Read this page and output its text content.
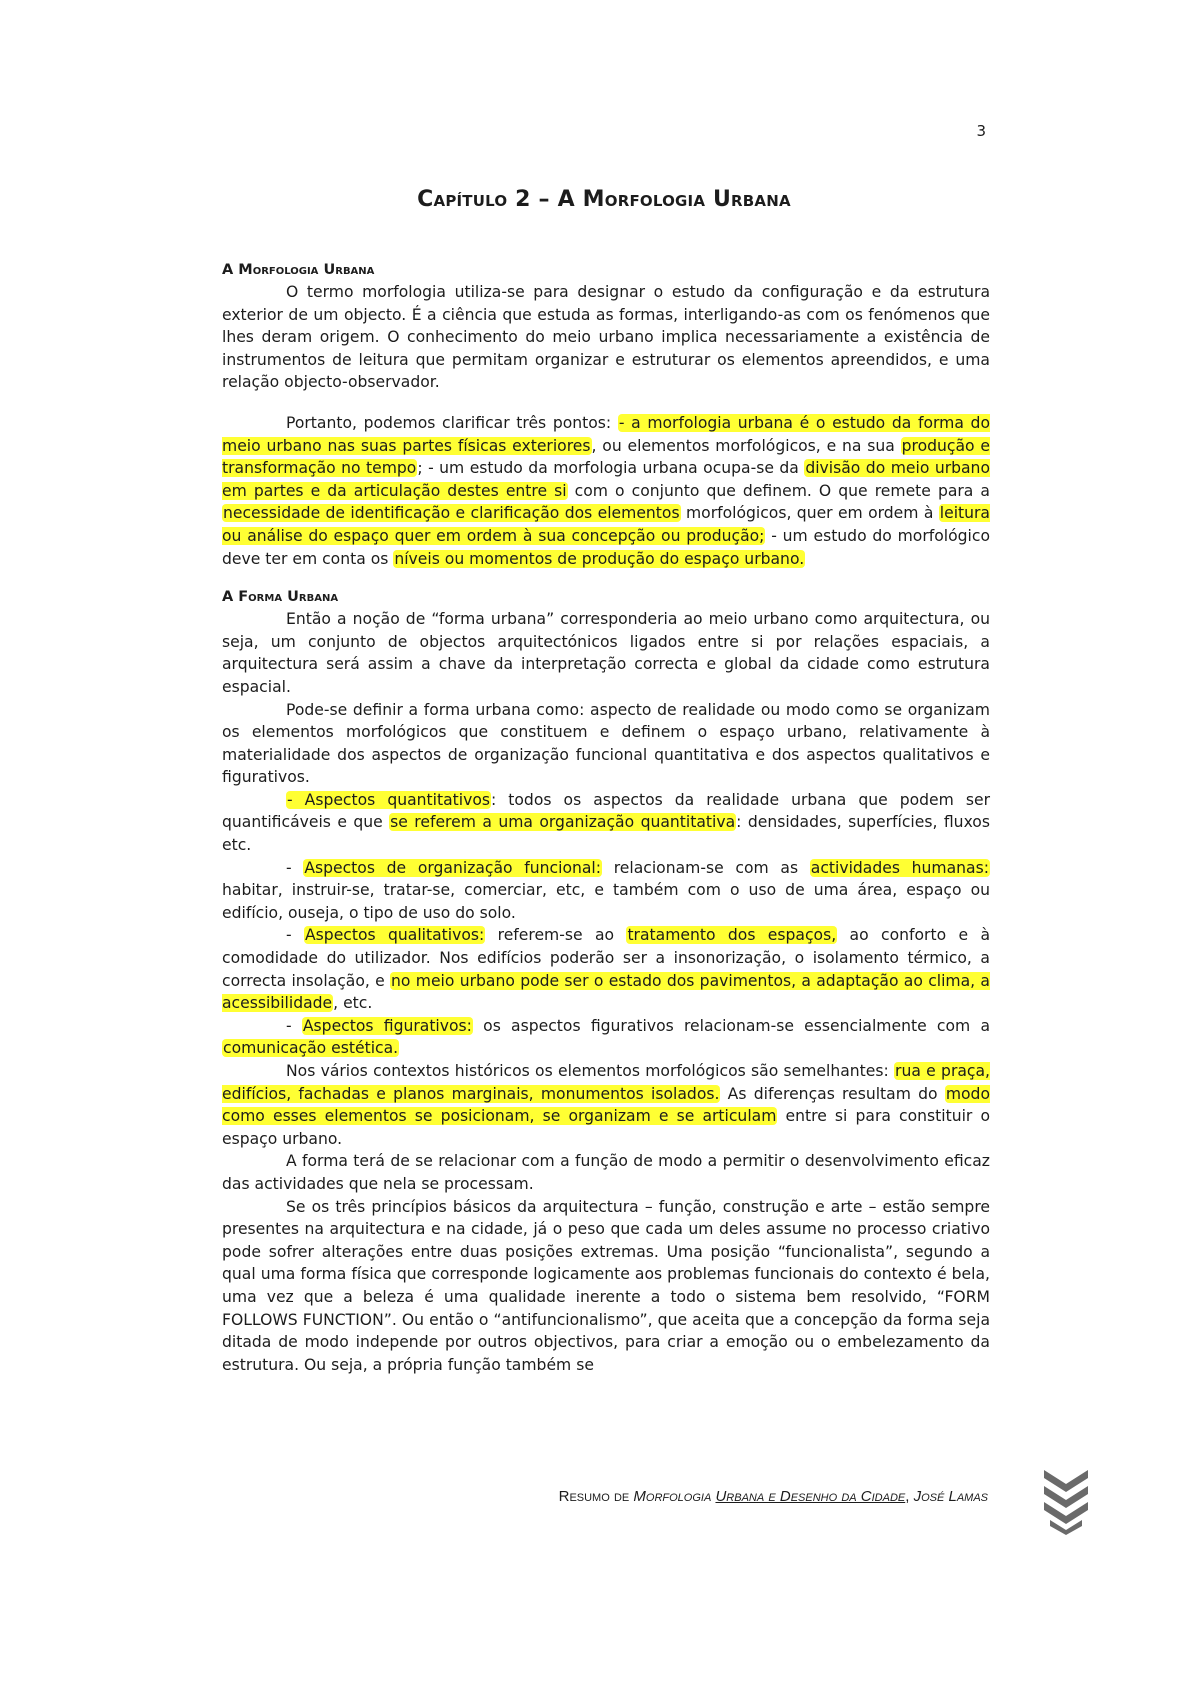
3
Capítulo 2 – A Morfologia Urbana
A Morfologia Urbana

O termo morfologia utiliza-se para designar o estudo da configuração e da estrutura exterior de um objecto. É a ciência que estuda as formas, interligando-as com os fenómenos que lhes deram origem. O conhecimento do meio urbano implica necessariamente a existência de instrumentos de leitura que permitam organizar e estruturar os elementos apreendidos, e uma relação objecto-observador.

Portanto, podemos clarificar três pontos: - a morfologia urbana é o estudo da forma do meio urbano nas suas partes físicas exteriores, ou elementos morfológicos, e na sua produção e transformação no tempo; - um estudo da morfologia urbana ocupa-se da divisão do meio urbano em partes e da articulação destes entre si com o conjunto que definem. O que remete para a necessidade de identificação e clarificação dos elementos morfológicos, quer em ordem à leitura ou análise do espaço quer em ordem à sua concepção ou produção; - um estudo do morfológico deve ter em conta os níveis ou momentos de produção do espaço urbano.

A Forma Urbana

Então a noção de “forma urbana” corresponderia ao meio urbano como arquitectura, ou seja, um conjunto de objectos arquitectónicos ligados entre si por relações espaciais, a arquitectura será assim a chave da interpretação correcta e global da cidade como estrutura espacial.

Pode-se definir a forma urbana como: aspecto de realidade ou modo como se organizam os elementos morfológicos que constituem e definem o espaço urbano, relativamente à materialidade dos aspectos de organização funcional quantitativa e dos aspectos qualitativos e figurativos.

- Aspectos quantitativos: todos os aspectos da realidade urbana que podem ser quantificáveis e que se referem a uma organização quantitativa: densidades, superfícies, fluxos etc.

- Aspectos de organização funcional: relacionam-se com as actividades humanas: habitar, instruir-se, tratar-se, comerciar, etc, e também com o uso de uma área, espaço ou edifício, ouseja, o tipo de uso do solo.

- Aspectos qualitativos: referem-se ao tratamento dos espaços, ao conforto e à comodidade do utilizador. Nos edifícios poderão ser a insonorização, o isolamento térmico, a correcta insolação, e no meio urbano pode ser o estado dos pavimentos, a adaptação ao clima, a acessibilidade, etc.

- Aspectos figurativos: os aspectos figurativos relacionam-se essencialmente com a comunicação estética.

Nos vários contextos históricos os elementos morfológicos são semelhantes: rua e praça, edifícios, fachadas e planos marginais, monumentos isolados. As diferenças resultam do modo como esses elementos se posicionam, se organizam e se articulam entre si para constituir o espaço urbano.

A forma terá de se relacionar com a função de modo a permitir o desenvolvimento eficaz das actividades que nela se processam.

Se os três princípios básicos da arquitectura – função, construção e arte – estão sempre presentes na arquitectura e na cidade, já o peso que cada um deles assume no processo criativo pode sofrer alterações entre duas posições extremas. Uma posição “funcionalista”, segundo a qual uma forma física que corresponde logicamente aos problemas funcionais do contexto é bela, uma vez que a beleza é uma qualidade inerente a todo o sistema bem resolvido, “FORM FOLLOWS FUNCTION”. Ou então o “antifuncionalismo”, que aceita que a concepção da forma seja ditada de modo independe por outros objectivos, para criar a emoção ou o embelezamento da estrutura. Ou seja, a própria função também se

Resumo de Morfologia Urbana e Desenho da Cidade, José Lamas
